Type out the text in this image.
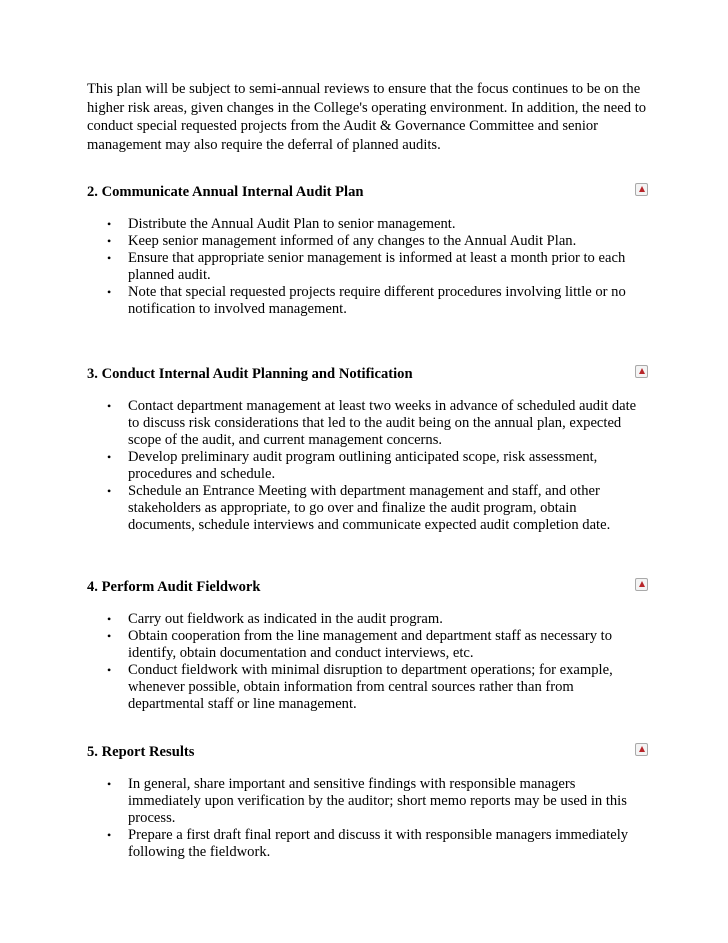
This plan will be subject to semi-annual reviews to ensure that the focus continues to be on the higher risk areas, given changes in the College's operating environment. In addition, the need to conduct special requested projects from the Audit & Governance Committee and senior management may also require the deferral of planned audits.

2. Communicate Annual Internal Audit Plan
• Distribute the Annual Audit Plan to senior management.
• Keep senior management informed of any changes to the Annual Audit Plan.
• Ensure that appropriate senior management is informed at least a month prior to each planned audit.
• Note that special requested projects require different procedures involving little or no notification to involved management.
3. Conduct Internal Audit Planning and Notification
• Contact department management at least two weeks in advance of scheduled audit date to discuss risk considerations that led to the audit being on the annual plan, expected scope of the audit, and current management concerns.
• Develop preliminary audit program outlining anticipated scope, risk assessment, procedures and schedule.
• Schedule an Entrance Meeting with department management and staff, and other stakeholders as appropriate, to go over and finalize the audit program, obtain documents, schedule interviews and communicate expected audit completion date.
4. Perform Audit Fieldwork
• Carry out fieldwork as indicated in the audit program.
• Obtain cooperation from the line management and department staff as necessary to identify, obtain documentation and conduct interviews, etc.
• Conduct fieldwork with minimal disruption to department operations; for example, whenever possible, obtain information from central sources rather than from departmental staff or line management.
5. Report Results
• In general, share important and sensitive findings with responsible managers immediately upon verification by the auditor; short memo reports may be used in this process.
• Prepare a first draft final report and discuss it with responsible managers immediately following the fieldwork.
